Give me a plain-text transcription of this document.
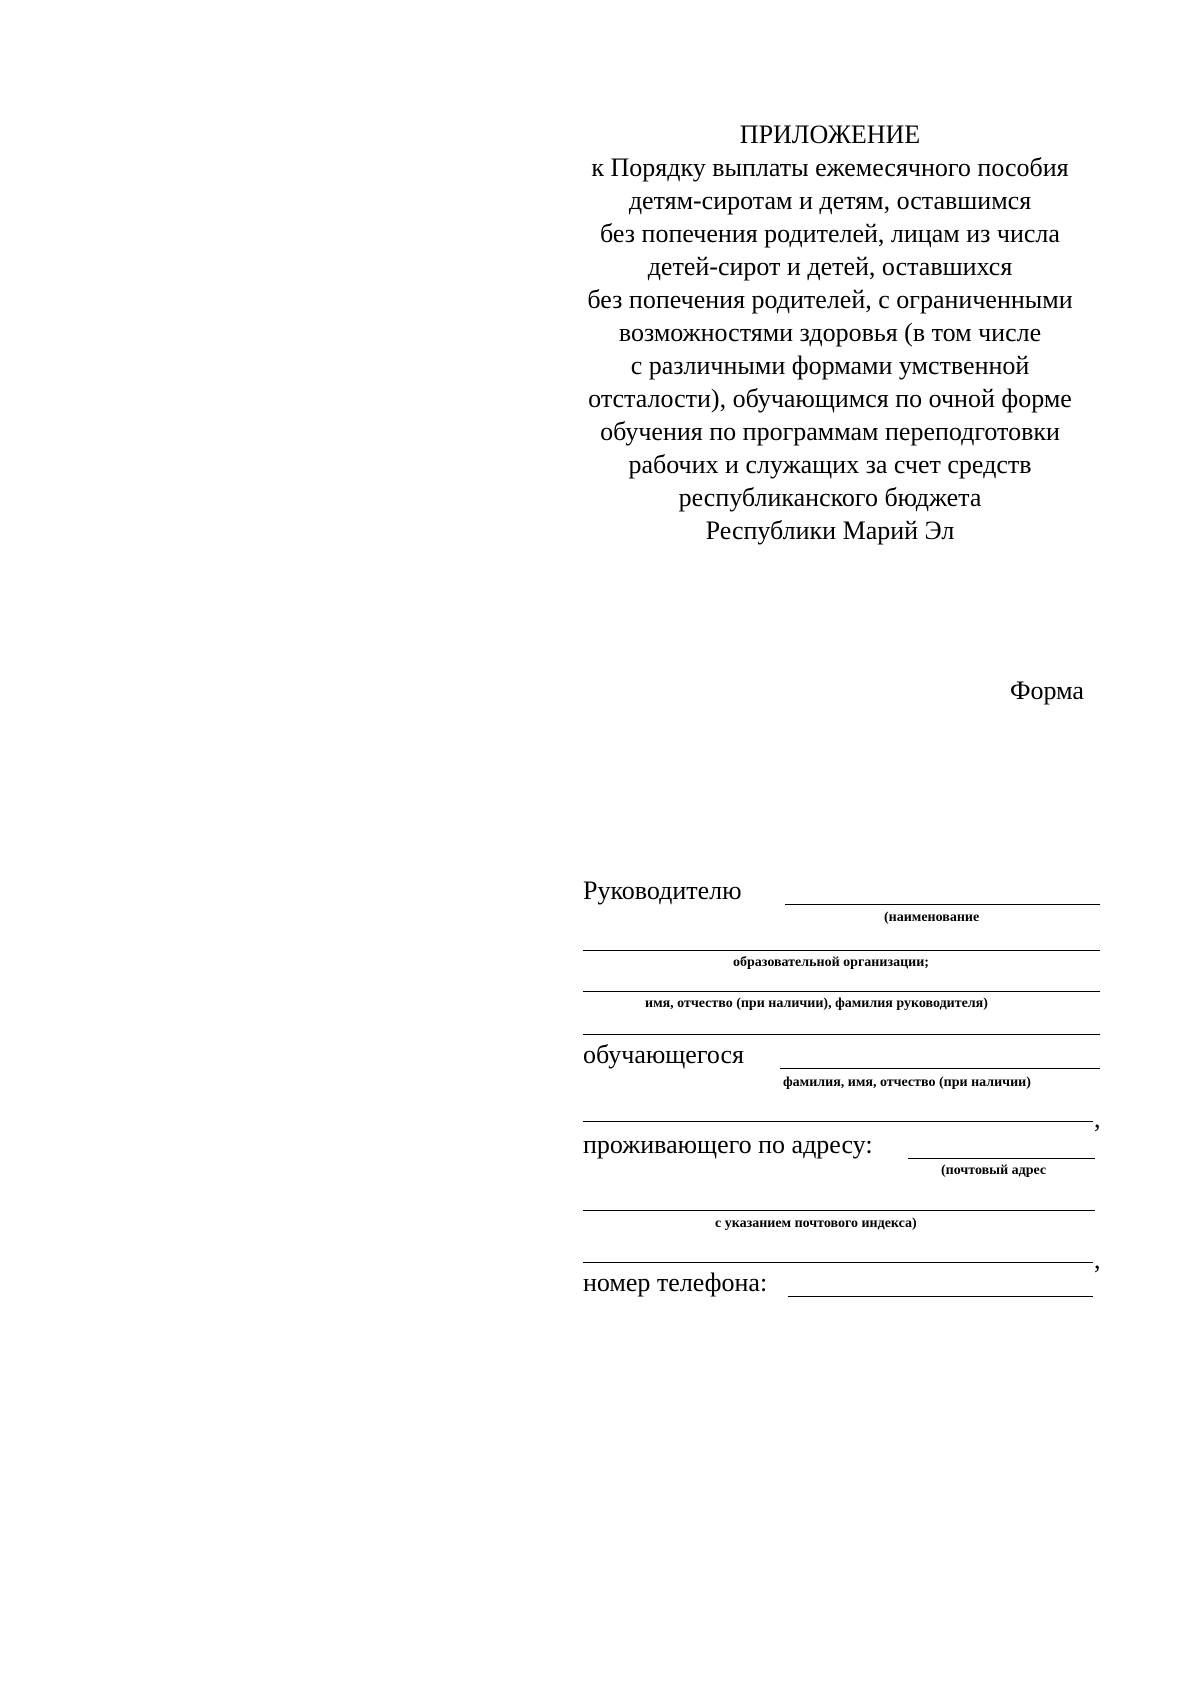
ПРИЛОЖЕНИЕ
к Порядку выплаты ежемесячного пособия
детям-сиротам и детям, оставшимся
без попечения родителей, лицам из числа
детей-сирот и детей, оставшихся
без попечения родителей, с ограниченными
возможностями здоровья (в том числе
с различными формами умственной
отсталости), обучающимся по очной форме
обучения по программам переподготовки
рабочих и служащих за счет средств
республиканского бюджета
Республики Марий Эл
Форма
Руководителю
(наименование
образовательной организации;
имя, отчество (при наличии), фамилия руководителя)
обучающегося
фамилия, имя, отчество (при наличии)
,
проживающего по адресу:
(почтовый адрес
с указанием почтового индекса)
,
номер телефона:
